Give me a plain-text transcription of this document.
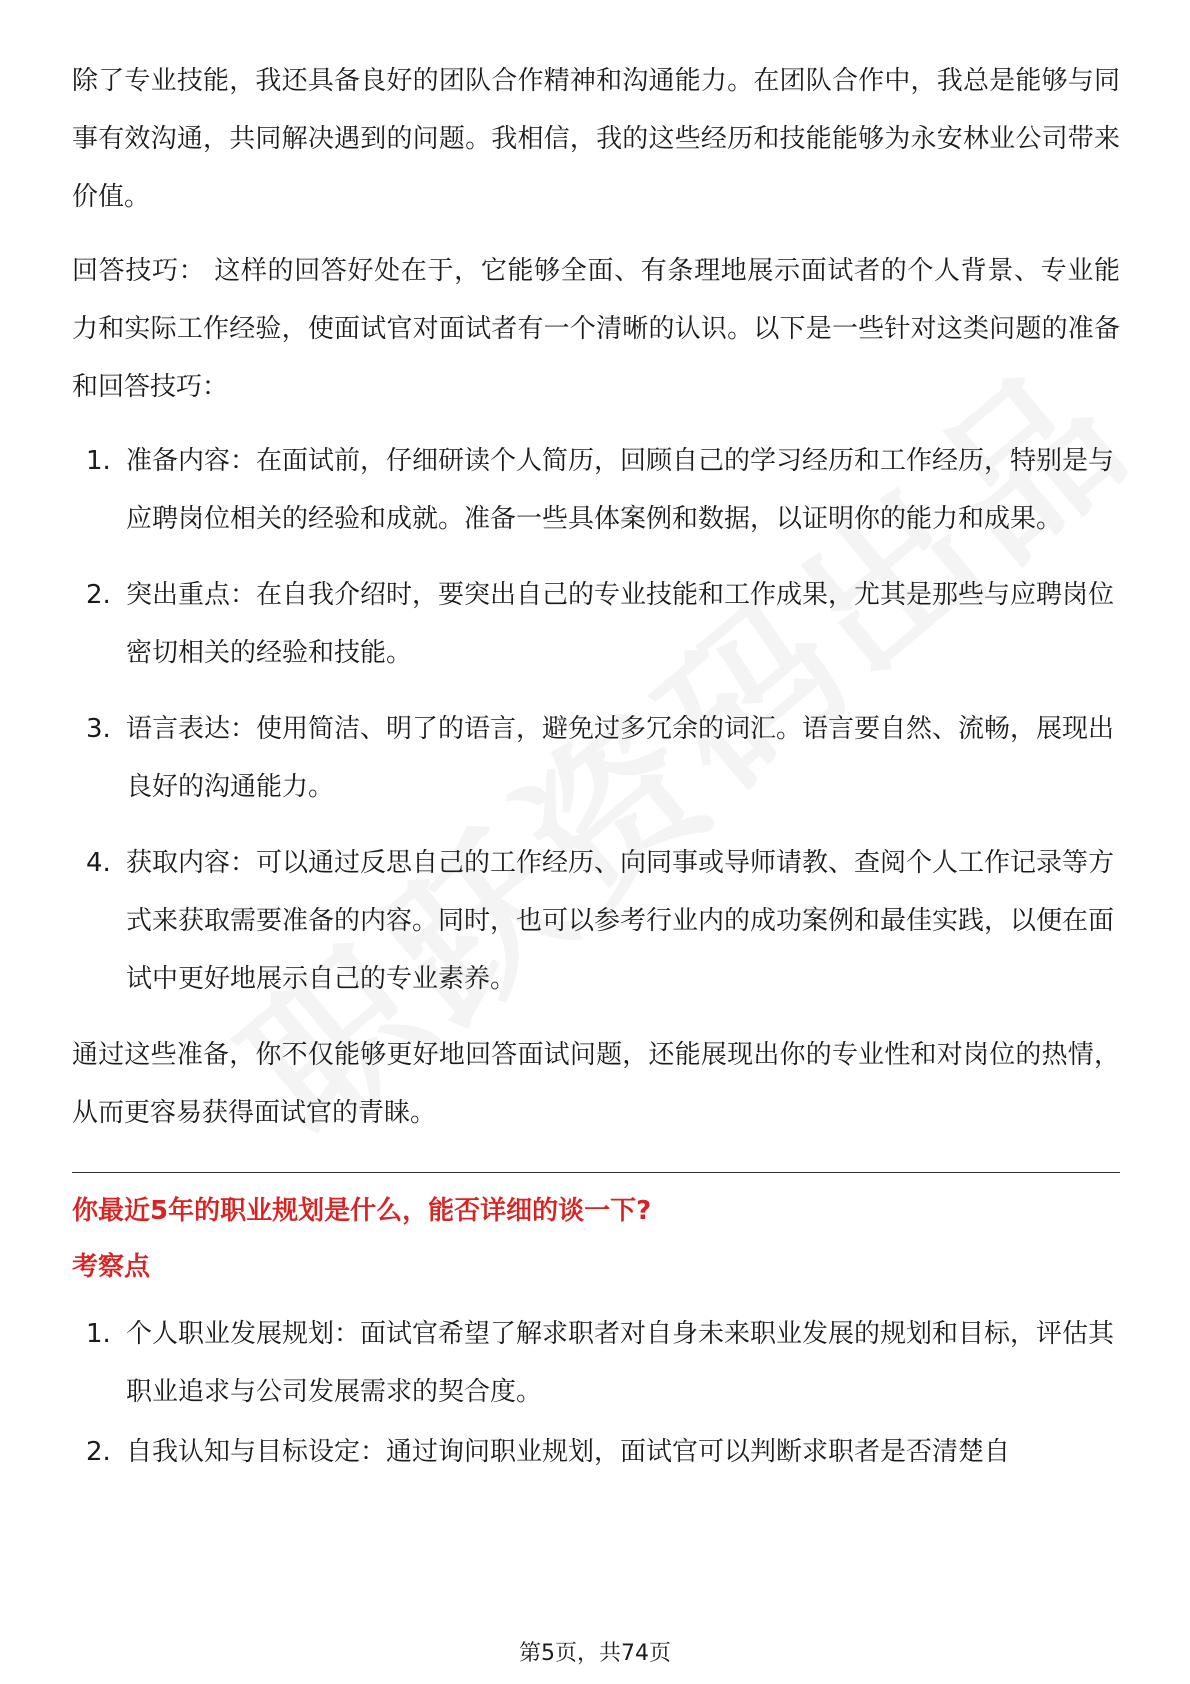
除了专业技能，我还具备良好的团队合作精神和沟通能力。在团队合作中，我总是能够与同事有效沟通，共同解决遇到的问题。我相信，我的这些经历和技能能够为永安林业公司带来价值。

回答技巧： 这样的回答好处在于，它能够全面、有条理地展示面试者的个人背景、专业能力和实际工作经验，使面试官对面试者有一个清晰的认识。以下是一些针对这类问题的准备和回答技巧：

1. 准备内容：在面试前，仔细研读个人简历，回顾自己的学习经历和工作经历，特别是与应聘岗位相关的经验和成就。准备一些具体案例和数据，以证明你的能力和成果。
2. 突出重点：在自我介绍时，要突出自己的专业技能和工作成果，尤其是那些与应聘岗位密切相关的经验和技能。
3. 语言表达：使用简洁、明了的语言，避免过多冗余的词汇。语言要自然、流畅，展现出良好的沟通能力。
4. 获取内容：可以通过反思自己的工作经历、向同事或导师请教、查阅个人工作记录等方式来获取需要准备的内容。同时，也可以参考行业内的成功案例和最佳实践，以便在面试中更好地展示自己的专业素养。

通过这些准备，你不仅能够更好地回答面试问题，还能展现出你的专业性和对岗位的热情，从而更容易获得面试官的青睐。

你最近5年的职业规划是什么，能否详细的谈一下?

考察点

1. 个人职业发展规划：面试官希望了解求职者对自身未来职业发展的规划和目标，评估其职业追求与公司发展需求的契合度。
2. 自我认知与目标设定：通过询问职业规划，面试官可以判断求职者是否清楚自
第5页，共74页
